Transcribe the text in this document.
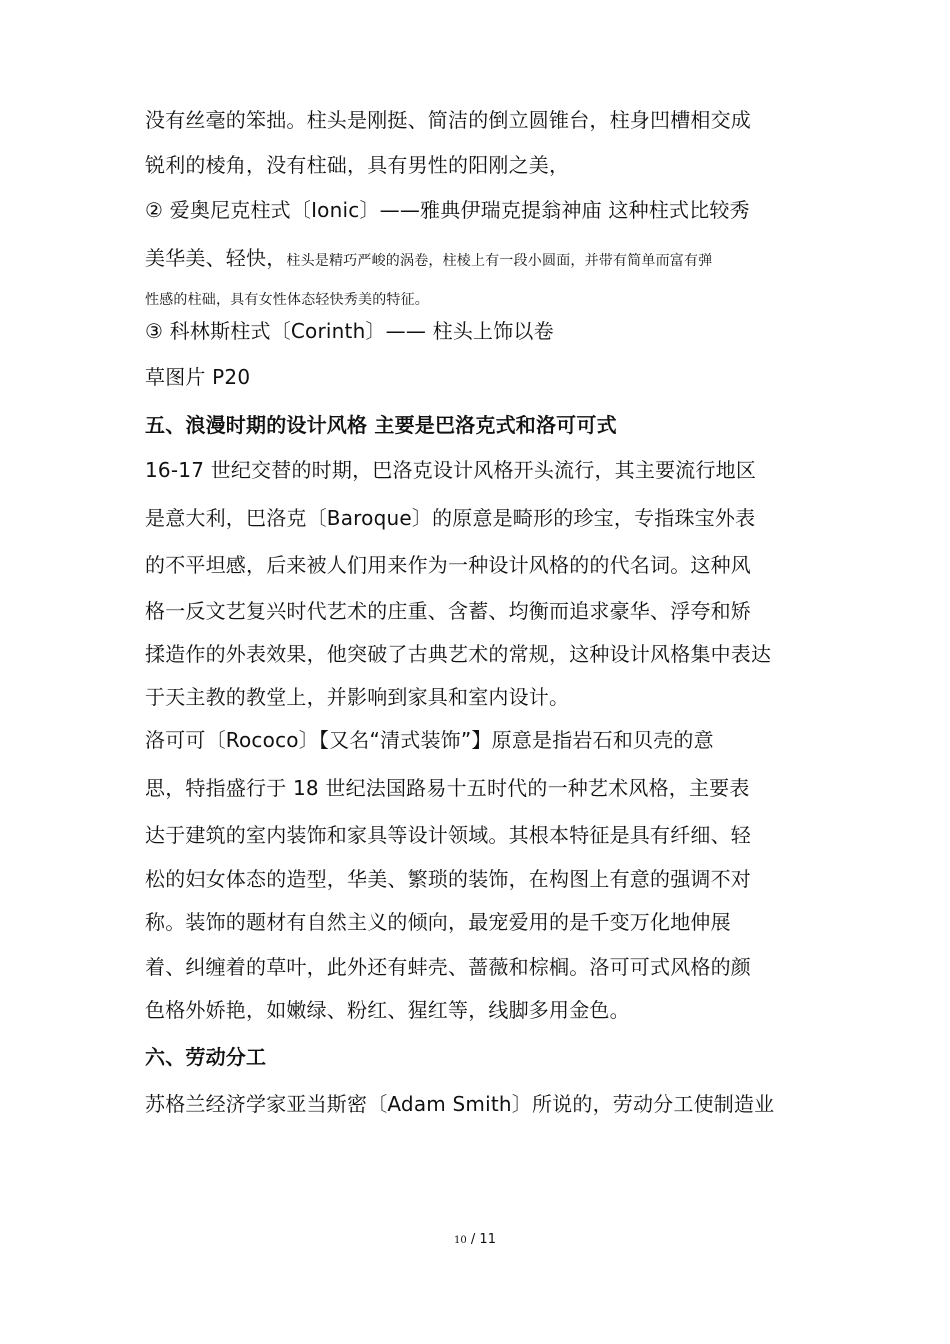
没有丝毫的笨拙。柱头是刚挺、简洁的倒立圆锥台，柱身凹槽相交成
锐利的棱角，没有柱础，具有男性的阳刚之美，
② 爱奥尼克柱式〔Ionic〕——雅典伊瑞克提翁神庙 这种柱式比较秀
美华美、轻快，柱头是精巧严峻的涡卷，柱棱上有一段小圆面，并带有简单而富有弹
性感的柱础，具有女性体态轻快秀美的特征。
③ 科林斯柱式〔Corinth〕—— 柱头上饰以卷
草图片 P20
五、浪漫时期的设计风格 主要是巴洛克式和洛可可式
16-17 世纪交替的时期，巴洛克设计风格开头流行，其主要流行地区
是意大利，巴洛克〔Baroque〕的原意是畸形的珍宝，专指珠宝外表
的不平坦感，后来被人们用来作为一种设计风格的的代名词。这种风
格一反文艺复兴时代艺术的庄重、含蓄、均衡而追求豪华、浮夸和矫
揉造作的外表效果，他突破了古典艺术的常规，这种设计风格集中表达
于天主教的教堂上，并影响到家具和室内设计。
洛可可〔Rococo〕【又名“清式装饰”】原意是指岩石和贝壳的意
思，特指盛行于 18 世纪法国路易十五时代的一种艺术风格，主要表
达于建筑的室内装饰和家具等设计领域。其根本特征是具有纤细、轻
松的妇女体态的造型，华美、繁琐的装饰，在构图上有意的强调不对
称。装饰的题材有自然主义的倾向，最宠爱用的是千变万化地伸展
着、纠缠着的草叶，此外还有蚌壳、蔷薇和棕榈。洛可可式风格的颜
色格外娇艳，如嫩绿、粉红、猩红等，线脚多用金色。
六、劳动分工
苏格兰经济学家亚当斯密〔Adam Smith〕所说的，劳动分工使制造业
10 / 11
